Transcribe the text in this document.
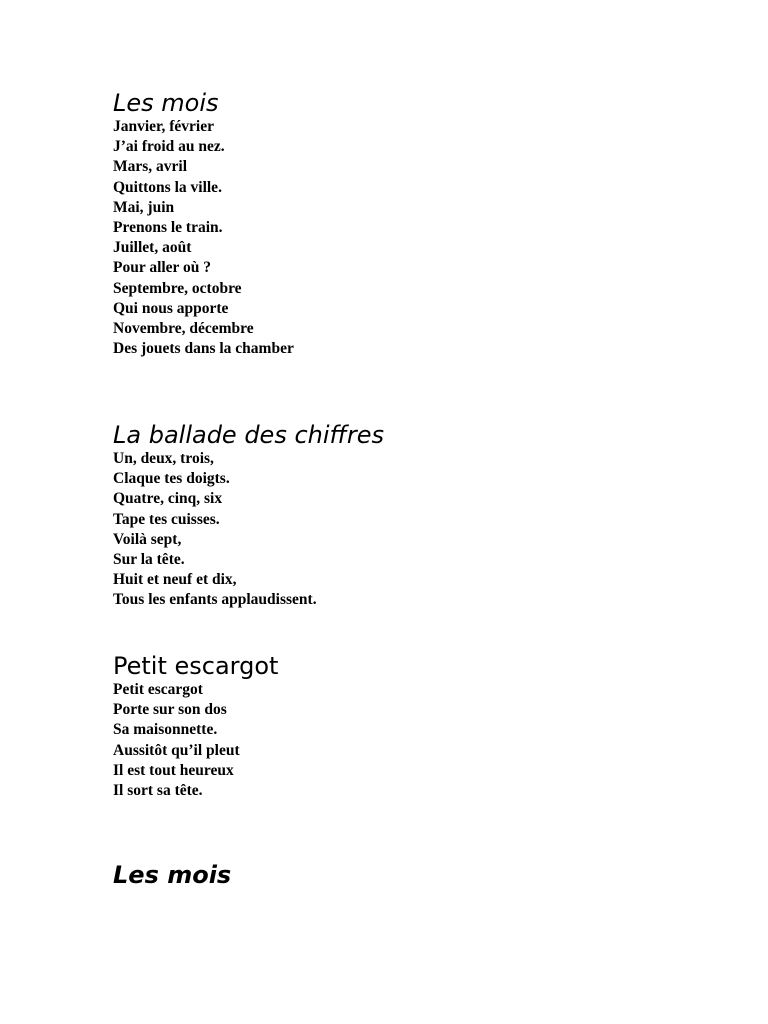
Les mois
Janvier, février
J’ai froid au nez.
Mars, avril
Quittons la ville.
Mai, juin
Prenons le train.
Juillet, août
Pour aller où ?
Septembre, octobre
Qui nous apporte
Novembre, décembre
Des jouets dans la chamber
La ballade des chiffres
Un, deux, trois,
Claque tes doigts.
Quatre, cinq, six
Tape tes cuisses.
Voilà sept,
Sur la tête.
Huit et neuf et dix,
Tous les enfants applaudissent.
Petit escargot
Petit escargot
Porte sur son dos
Sa maisonnette.
Aussitôt qu’il pleut
Il est tout heureux
Il sort sa tête.
Les mois
